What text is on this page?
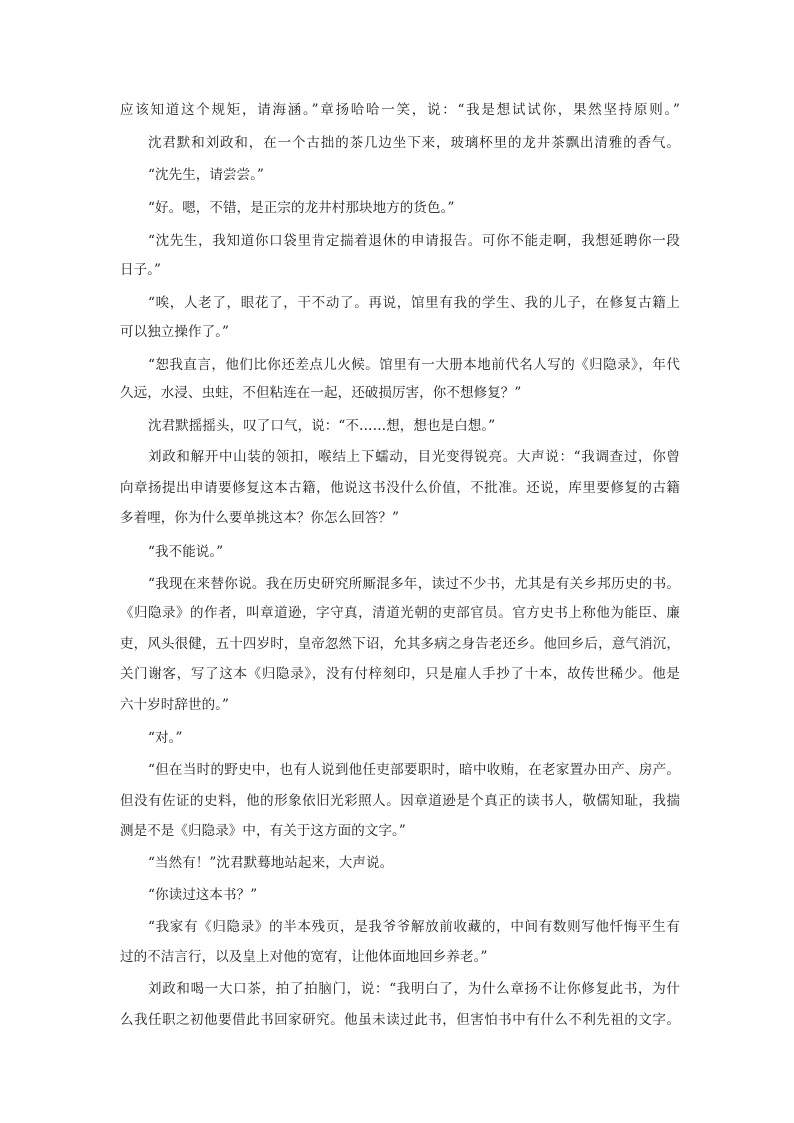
应该知道这个规矩，请海涵。”章扬哈哈一笑，说：“我是想试试你，果然坚持原则。”

沈君默和刘政和，在一个古拙的茶几边坐下来，玻璃杯里的龙井茶飘出清雅的香气。

“沈先生，请尝尝。”

“好。嗯，不错，是正宗的龙井村那块地方的货色。”

“沈先生，我知道你口袋里肯定揣着退休的申请报告。可你不能走啊，我想延聘你一段

日子。”

“唉，人老了，眼花了，干不动了。再说，馆里有我的学生、我的儿子，在修复古籍上

可以独立操作了。”

“恕我直言，他们比你还差点儿火候。馆里有一大册本地前代名人写的《归隐录》，年代

久远，水浸、虫蛀，不但粘连在一起，还破损厉害，你不想修复？”

沈君默摇摇头，叹了口气，说：“不……想，想也是白想。”

刘政和解开中山装的领扣，喉结上下蠕动，目光变得锐亮。大声说：“我调查过，你曾

向章扬提出申请要修复这本古籍，他说这书没什么价值，不批准。还说，库里要修复的古籍

多着哩，你为什么要单挑这本？你怎么回答？”

“我不能说。”

“我现在来替你说。我在历史研究所厮混多年，读过不少书，尤其是有关乡邦历史的书。

《归隐录》的作者，叫章道逊，字守真，清道光朝的吏部官员。官方史书上称他为能臣、廉

吏，风头很健，五十四岁时，皇帝忽然下诏，允其多病之身告老还乡。他回乡后，意气消沉，

关门谢客，写了这本《归隐录》，没有付梓刻印，只是雇人手抄了十本，故传世稀少。他是

六十岁时辞世的。”

“对。”

“但在当时的野史中，也有人说到他任吏部要职时，暗中收贿，在老家置办田产、房产。

但没有佐证的史料，他的形象依旧光彩照人。因章道逊是个真正的读书人，敬儒知耻，我揣

测是不是《归隐录》中，有关于这方面的文字。”

“当然有！”沈君默蓦地站起来，大声说。

“你读过这本书？”

“我家有《归隐录》的半本残页，是我爷爷解放前收藏的，中间有数则写他忏悔平生有

过的不洁言行，以及皇上对他的宽宥，让他体面地回乡养老。”

刘政和喝一大口茶，拍了拍脑门，说：“我明白了，为什么章扬不让你修复此书，为什

么我任职之初他要借此书回家研究。他虽未读过此书，但害怕书中有什么不利先祖的文字。
